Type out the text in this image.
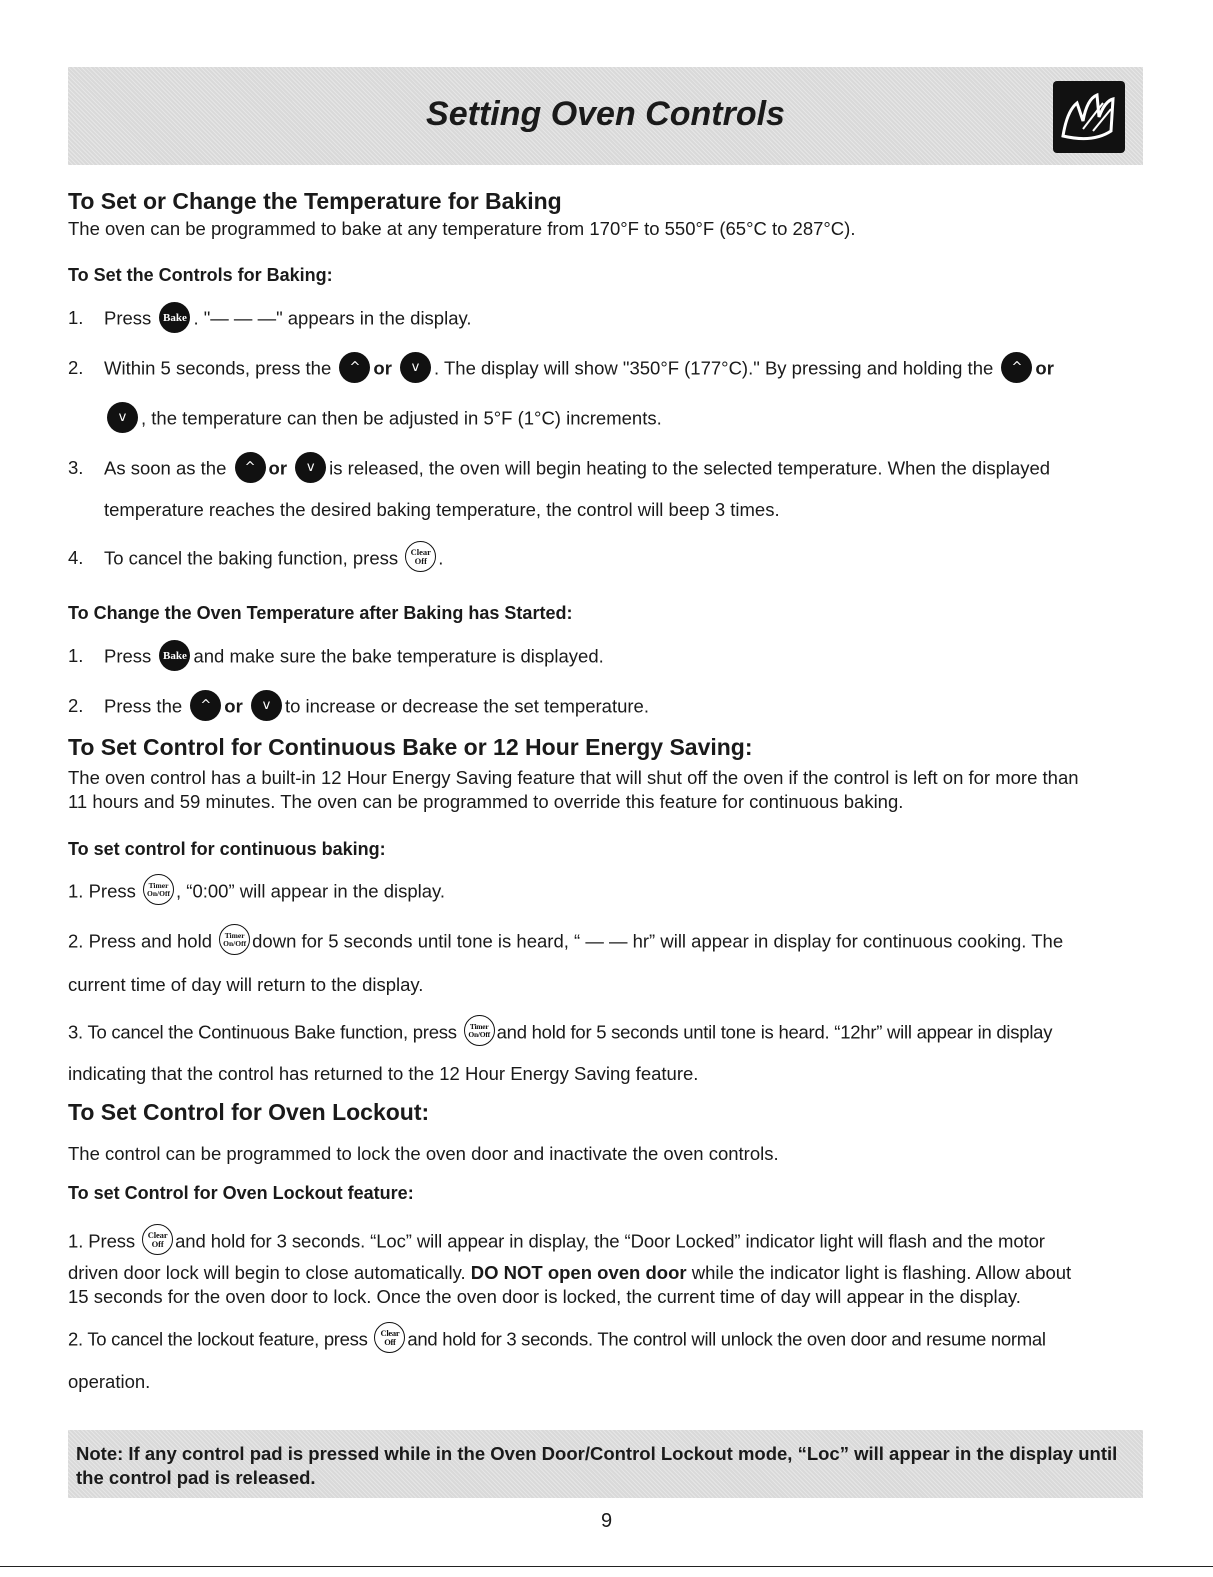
Setting Oven Controls
To Set or Change the Temperature for Baking
The oven can be programmed to bake at any temperature from 170°F to 550°F (65°C to 287°C).
To Set the Controls for Baking:
1. Press Bake . "— — —" appears in the display.
2. Within 5 seconds, press the ^ or v . The display will show "350°F (177°C)." By pressing and holding the ^ or
v , the temperature can then be adjusted in 5°F (1°C) increments.
3. As soon as the ^ or v is released, the oven will begin heating to the selected temperature. When the displayed
temperature reaches the desired baking temperature, the control will beep 3 times.
4. To cancel the baking function, press Clear
Off .
To Change the Oven Temperature after Baking has Started:
1. Press Bake and make sure the bake temperature is displayed.
2. Press the ^ or v to increase or decrease the set temperature.
To Set Control for Continuous Bake or 12 Hour Energy Saving:
The oven control has a built-in 12 Hour Energy Saving feature that will shut off the oven if the control is left on for more than
11 hours and 59 minutes. The oven can be programmed to override this feature for continuous baking.
To set control for continuous baking:
1. Press Timer
On/Off , “0:00” will appear in the display.
2. Press and hold Timer
On/Off down for 5 seconds until tone is heard, “ — — hr” will appear in display for continuous cooking. The
current time of day will return to the display.
3. To cancel the Continuous Bake function, press Timer
On/Off and hold for 5 seconds until tone is heard. “12hr” will appear in display
indicating that the control has returned to the 12 Hour Energy Saving feature.
To Set Control for Oven Lockout:
The control can be programmed to lock the oven door and inactivate the oven controls.
To set Control for Oven Lockout feature:
1. Press Clear
Off and hold for 3 seconds. “Loc” will appear in display, the “Door Locked” indicator light will flash and the motor
driven door lock will begin to close automatically. DO NOT open oven door while the indicator light is flashing. Allow about
15 seconds for the oven door to lock. Once the oven door is locked, the current time of day will appear in the display.
2. To cancel the lockout feature, press Clear
Off and hold for 3 seconds. The control will unlock the oven door and resume normal
operation.
Note: If any control pad is pressed while in the Oven Door/Control Lockout mode, “Loc” will appear in the display until the control pad is released.
9
